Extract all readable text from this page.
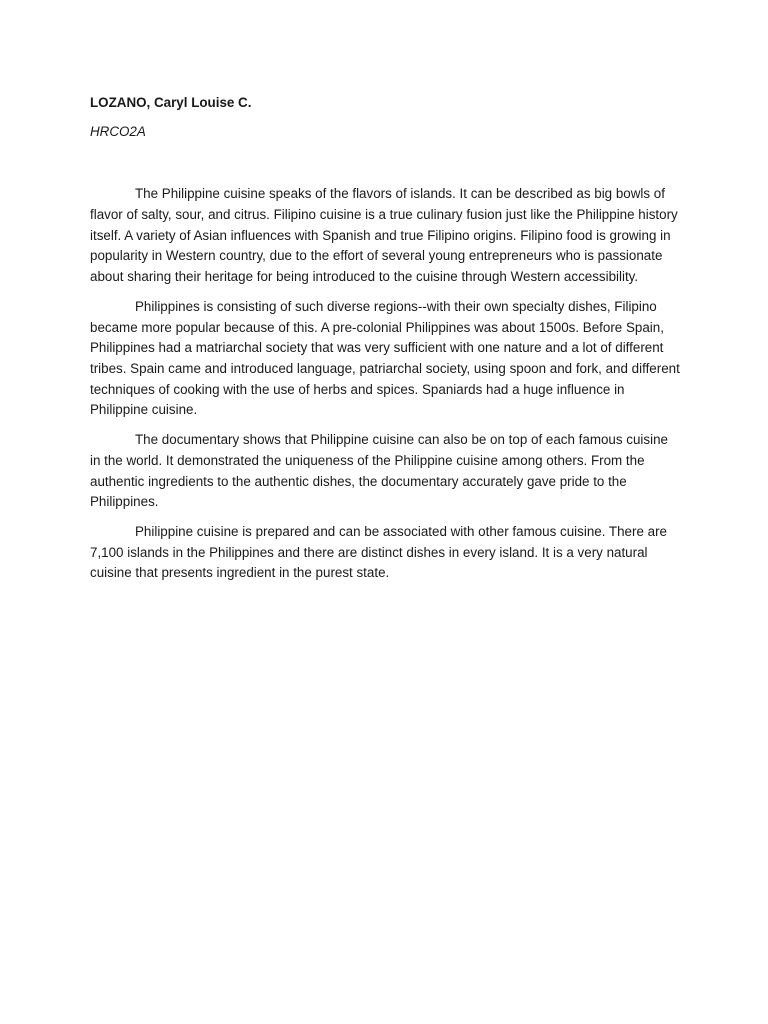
LOZANO, Caryl Louise C.

HRCO2A

The Philippine cuisine speaks of the flavors of islands. It can be described as big bowls of flavor of salty, sour, and citrus. Filipino cuisine is a true culinary fusion just like the Philippine history itself. A variety of Asian influences with Spanish and true Filipino origins. Filipino food is growing in popularity in Western country, due to the effort of several young entrepreneurs who is passionate about sharing their heritage for being introduced to the cuisine through Western accessibility.

Philippines is consisting of such diverse regions--with their own specialty dishes, Filipino became more popular because of this. A pre-colonial Philippines was about 1500s. Before Spain, Philippines had a matriarchal society that was very sufficient with one nature and a lot of different tribes. Spain came and introduced language, patriarchal society, using spoon and fork, and different techniques of cooking with the use of herbs and spices. Spaniards had a huge influence in Philippine cuisine.

The documentary shows that Philippine cuisine can also be on top of each famous cuisine in the world. It demonstrated the uniqueness of the Philippine cuisine among others. From the authentic ingredients to the authentic dishes, the documentary accurately gave pride to the Philippines.

Philippine cuisine is prepared and can be associated with other famous cuisine. There are 7,100 islands in the Philippines and there are distinct dishes in every island. It is a very natural cuisine that presents ingredient in the purest state.
